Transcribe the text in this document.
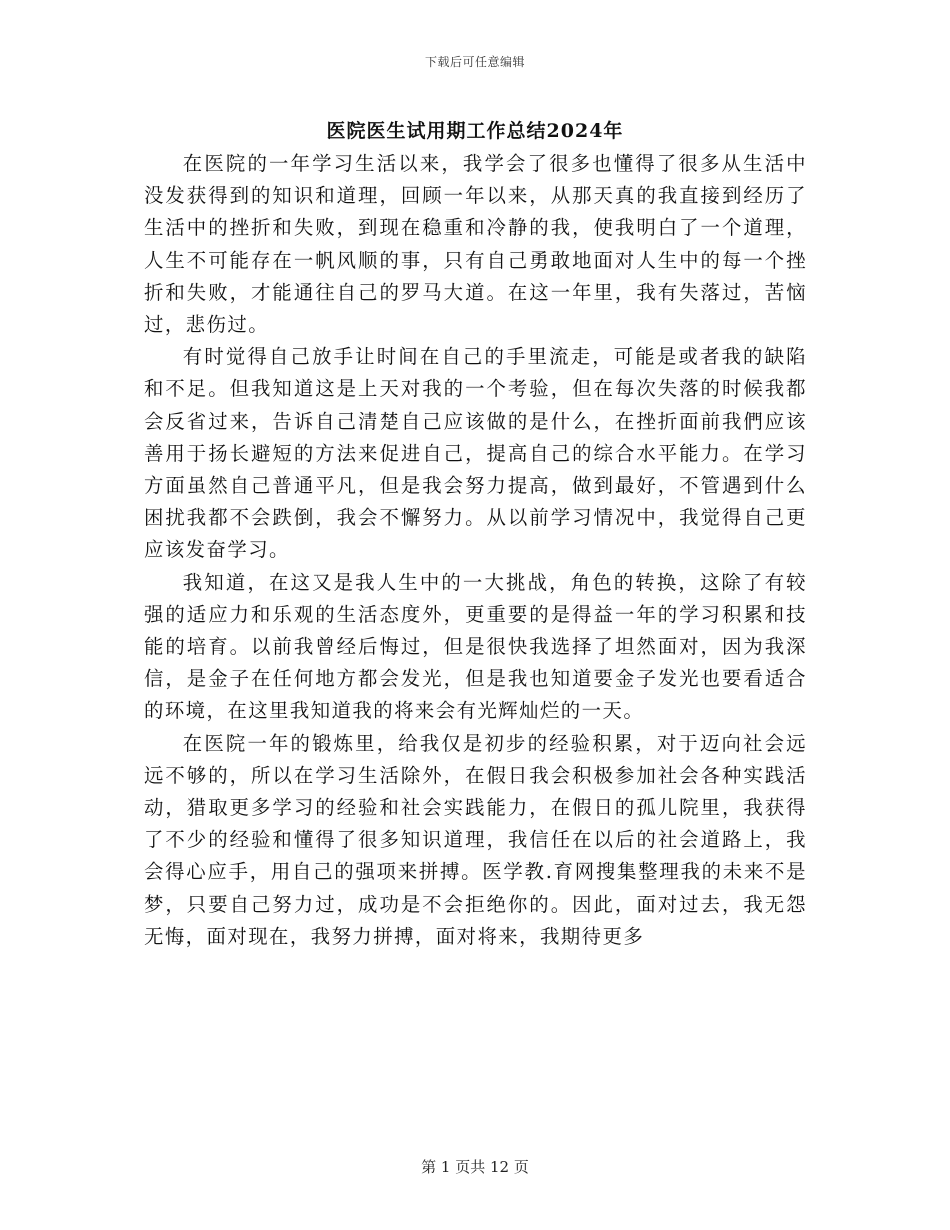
下载后可任意编辑
医院医生试用期工作总结2024年

在医院的一年学习生活以来，我学会了很多也懂得了很多从生活中没发获得到的知识和道理，回顾一年以来，从那天真的我直接到经历了生活中的挫折和失败，到现在稳重和冷静的我，使我明白了一个道理，人生不可能存在一帆风顺的事，只有自己勇敢地面对人生中的每一个挫折和失败，才能通往自己的罗马大道。在这一年里，我有失落过，苦恼过，悲伤过。

有时觉得自己放手让时间在自己的手里流走，可能是或者我的缺陷和不足。但我知道这是上天对我的一个考验，但在每次失落的时候我都会反省过来，告诉自己清楚自己应该做的是什么，在挫折面前我們应该善用于扬长避短的方法来促进自己，提高自己的综合水平能力。在学习方面虽然自己普通平凡，但是我会努力提高，做到最好，不管遇到什么困扰我都不会跌倒，我会不懈努力。从以前学习情况中，我觉得自己更应该发奋学习。

我知道，在这又是我人生中的一大挑战，角色的转换，这除了有较强的适应力和乐观的生活态度外，更重要的是得益一年的学习积累和技能的培育。以前我曾经后悔过，但是很快我选择了坦然面对，因为我深信，是金子在任何地方都会发光，但是我也知道要金子发光也要看适合的环境，在这里我知道我的将来会有光辉灿烂的一天。

在医院一年的锻炼里，给我仅是初步的经验积累，对于迈向社会远远不够的，所以在学习生活除外，在假日我会积极参加社会各种实践活动，猎取更多学习的经验和社会实践能力，在假日的孤儿院里，我获得了不少的经验和懂得了很多知识道理，我信任在以后的社会道路上，我会得心应手，用自己的强项来拼搏。医学教.育网搜集整理我的未来不是梦，只要自己努力过，成功是不会拒绝你的。因此，面对过去，我无怨无悔，面对现在，我努力拼搏，面对将来，我期待更多

第 1 页共 12 页
